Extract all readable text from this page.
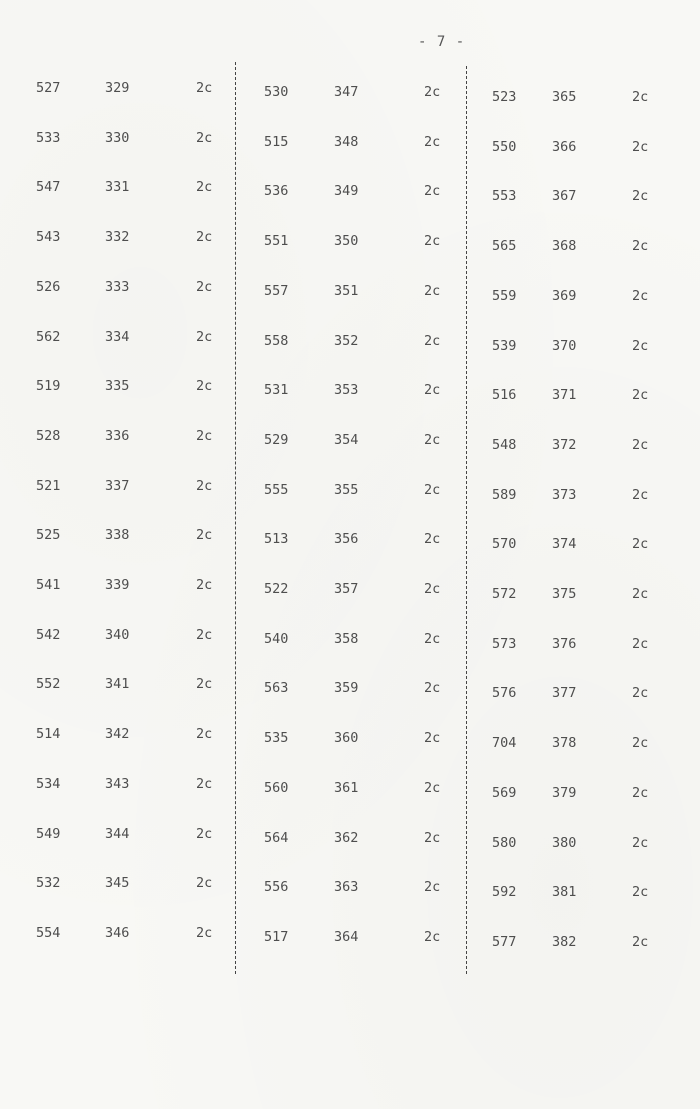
- 7 -
527	329	2c
533	330	2c
547	331	2c
543	332	2c
526	333	2c
562	334	2c
519	335	2c
528	336	2c
521	337	2c
525	338	2c
541	339	2c
542	340	2c
552	341	2c
514	342	2c
534	343	2c
549	344	2c
532	345	2c
554	346	2c
530	347	2c
515	348	2c
536	349	2c
551	350	2c
557	351	2c
558	352	2c
531	353	2c
529	354	2c
555	355	2c
513	356	2c
522	357	2c
540	358	2c
563	359	2c
535	360	2c
560	361	2c
564	362	2c
556	363	2c
517	364	2c
523	365	2c
550	366	2c
553	367	2c
565	368	2c
559	369	2c
539	370	2c
516	371	2c
548	372	2c
589	373	2c
570	374	2c
572	375	2c
573	376	2c
576	377	2c
704	378	2c
569	379	2c
580	380	2c
592	381	2c
577	382	2c
